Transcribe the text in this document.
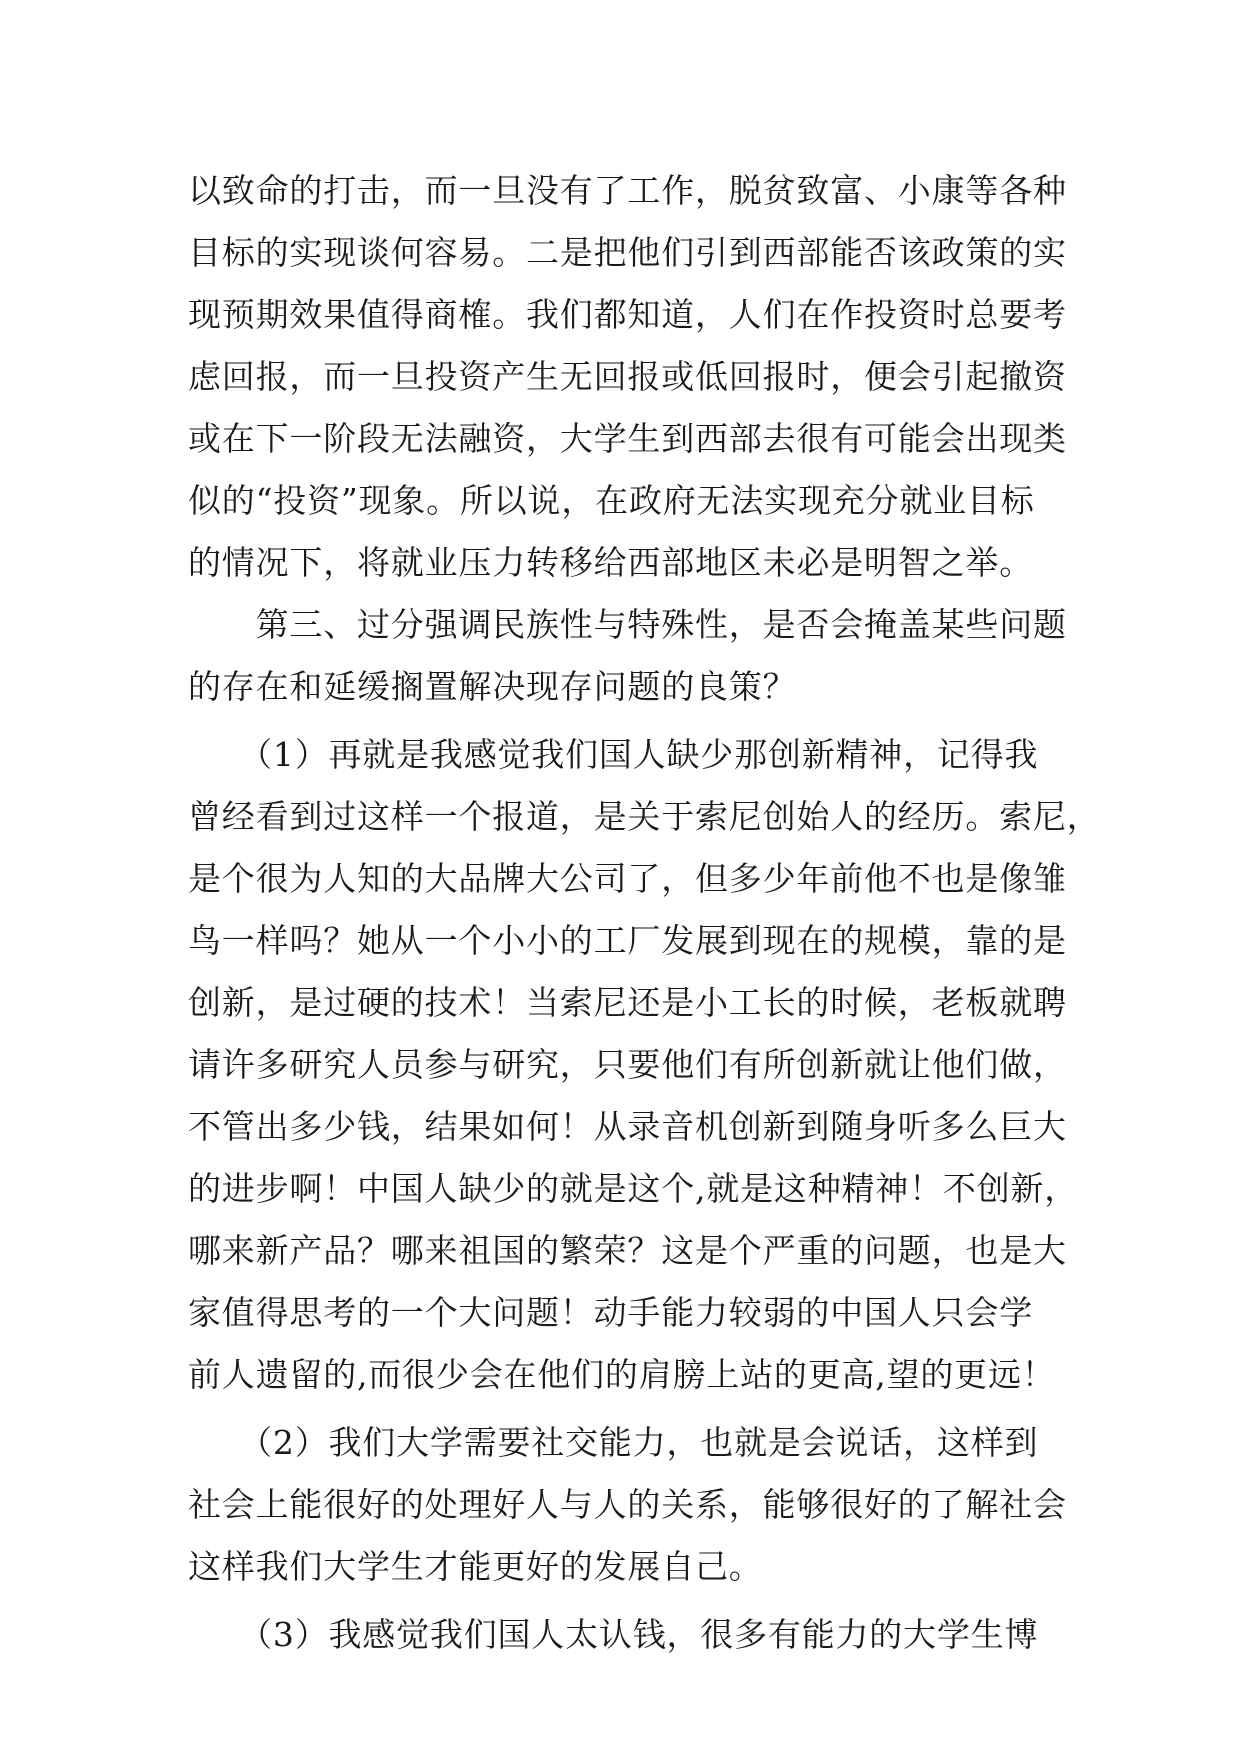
以致命的打击，而一旦没有了工作，脱贫致富、小康等各种
目标的实现谈何容易。二是把他们引到西部能否该政策的实
现预期效果值得商榷。我们都知道，人们在作投资时总要考
虑回报，而一旦投资产生无回报或低回报时，便会引起撤资
或在下一阶段无法融资，大学生到西部去很有可能会出现类
似的“投资”现象。所以说，在政府无法实现充分就业目标
的情况下，将就业压力转移给西部地区未必是明智之举。
　　第三、过分强调民族性与特殊性，是否会掩盖某些问题
的存在和延缓搁置解决现存问题的良策？
　　（1）再就是我感觉我们国人缺少那创新精神，记得我
曾经看到过这样一个报道，是关于索尼创始人的经历。索尼，
是个很为人知的大品牌大公司了，但多少年前他不也是像雏
鸟一样吗？她从一个小小的工厂发展到现在的规模，靠的是
创新，是过硬的技术！当索尼还是小工长的时候，老板就聘
请许多研究人员参与研究，只要他们有所创新就让他们做，
不管出多少钱，结果如何！从录音机创新到随身听多么巨大
的进步啊！中国人缺少的就是这个,就是这种精神！不创新，
哪来新产品？哪来祖国的繁荣？这是个严重的问题，也是大
家值得思考的一个大问题！动手能力较弱的中国人只会学
前人遗留的,而很少会在他们的肩膀上站的更高,望的更远！
　　（2）我们大学需要社交能力，也就是会说话，这样到
社会上能很好的处理好人与人的关系，能够很好的了解社会
这样我们大学生才能更好的发展自己。
　　（3）我感觉我们国人太认钱，很多有能力的大学生博
